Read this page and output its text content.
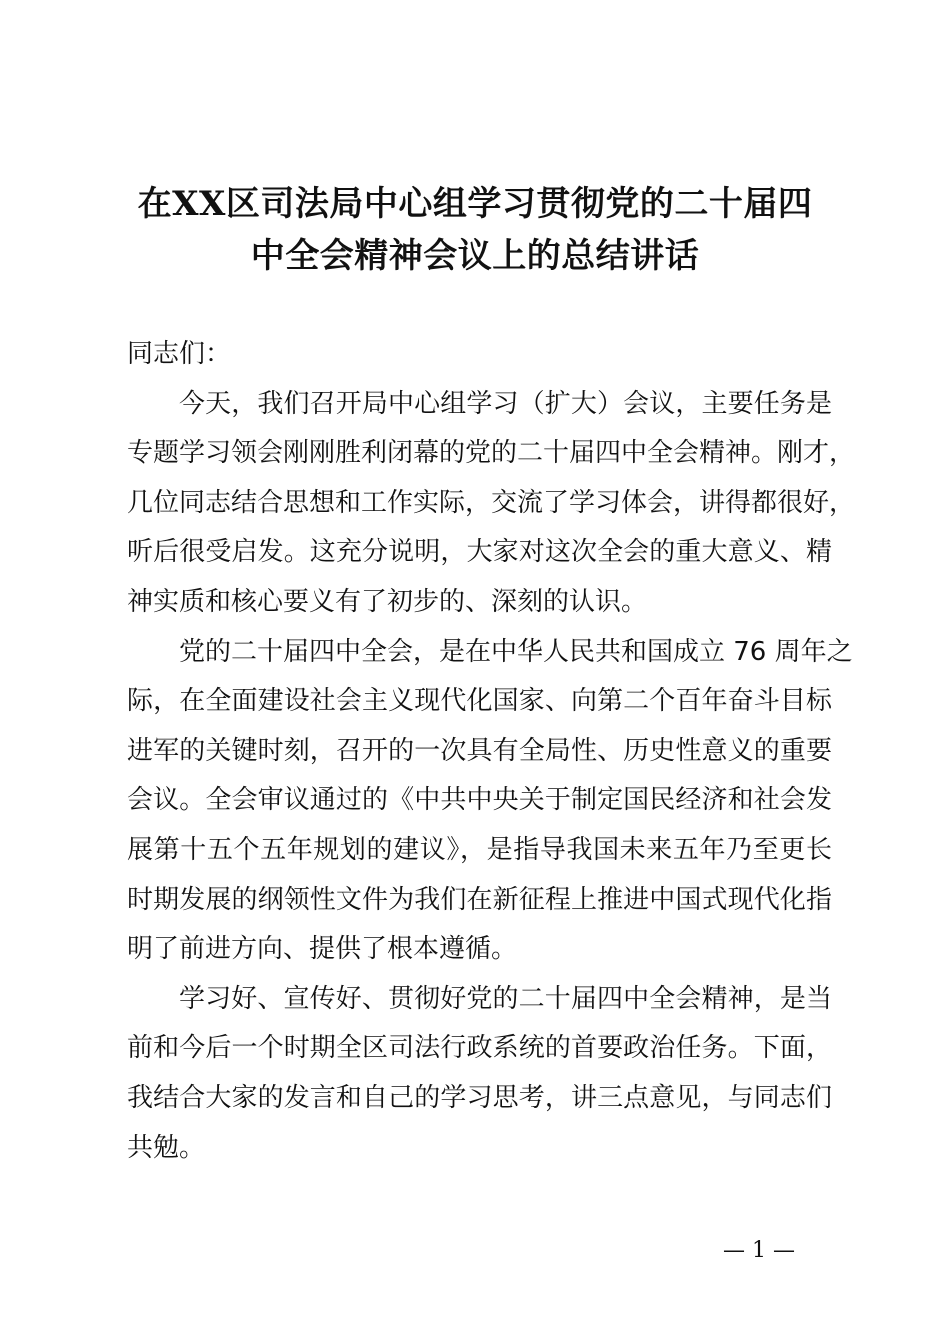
在XX区司法局中心组学习贯彻党的二十届四
中全会精神会议上的总结讲话
同志们：
今天，我们召开局中心组学习（扩大）会议，主要任务是
专题学习领会刚刚胜利闭幕的党的二十届四中全会精神。刚才，
几位同志结合思想和工作实际，交流了学习体会，讲得都很好，
听后很受启发。这充分说明，大家对这次全会的重大意义、精
神实质和核心要义有了初步的、深刻的认识。
党的二十届四中全会，是在中华人民共和国成立 76 周年之
际，在全面建设社会主义现代化国家、向第二个百年奋斗目标
进军的关键时刻，召开的一次具有全局性、历史性意义的重要
会议。全会审议通过的《中共中央关于制定国民经济和社会发
展第十五个五年规划的建议》，是指导我国未来五年乃至更长
时期发展的纲领性文件为我们在新征程上推进中国式现代化指
明了前进方向、提供了根本遵循。
学习好、宣传好、贯彻好党的二十届四中全会精神，是当
前和今后一个时期全区司法行政系统的首要政治任务。下面，
我结合大家的发言和自己的学习思考，讲三点意见，与同志们
共勉。
— 1 —
